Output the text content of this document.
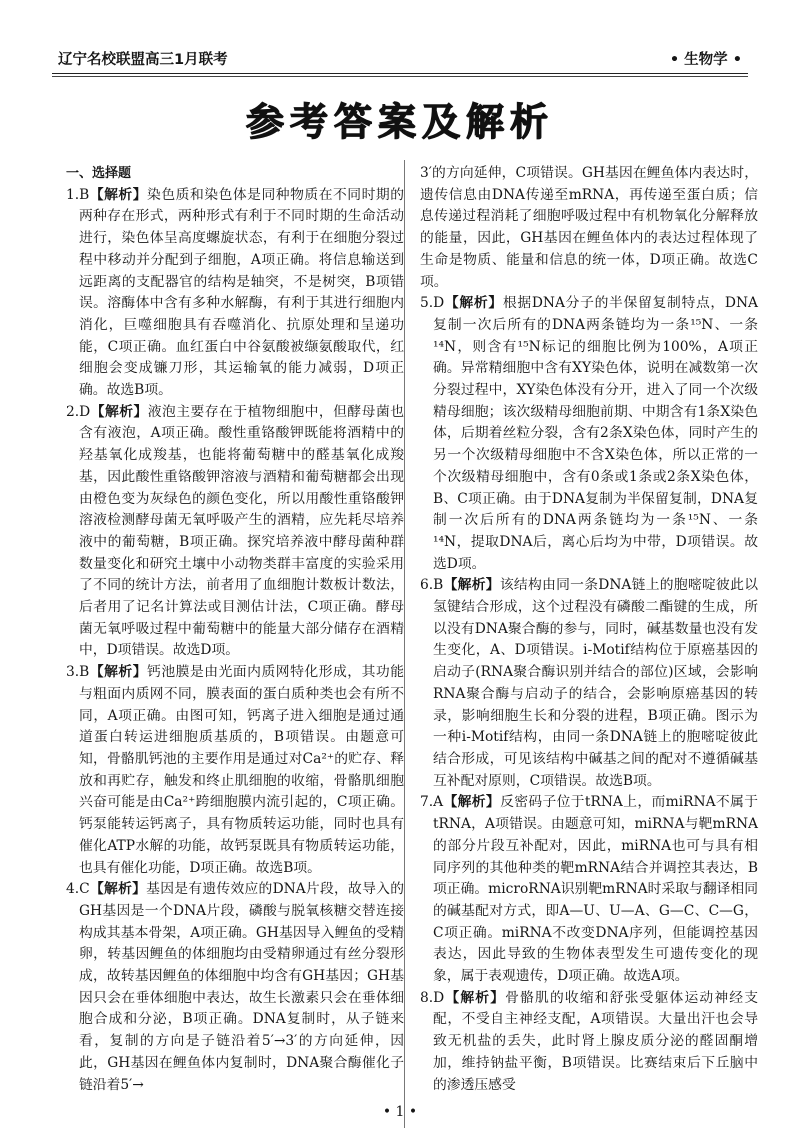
辽宁名校联盟高三1月联考	• 生物学 •
参考答案及解析

一、选择题

1.B【解析】染色质和染色体是同种物质在不同时期的两种存在形式，两种形式有利于不同时期的生命活动进行，染色体呈高度螺旋状态，有利于在细胞分裂过程中移动并分配到子细胞，A项正确。将信息输送到远距离的支配器官的结构是轴突，不是树突，B项错误。溶酶体中含有多种水解酶，有利于其进行细胞内消化，巨噬细胞具有吞噬消化、抗原处理和呈递功能，C项正确。血红蛋白中谷氨酸被缬氨酸取代，红细胞会变成镰刀形，其运输氧的能力减弱，D项正确。故选B项。

2.D【解析】液泡主要存在于植物细胞中，但酵母菌也含有液泡，A项正确。酸性重铬酸钾既能将酒精中的羟基氧化成羧基，也能将葡萄糖中的醛基氧化成羧基，因此酸性重铬酸钾溶液与酒精和葡萄糖都会出现由橙色变为灰绿色的颜色变化，所以用酸性重铬酸钾溶液检测酵母菌无氧呼吸产生的酒精，应先耗尽培养液中的葡萄糖，B项正确。探究培养液中酵母菌种群数量变化和研究土壤中小动物类群丰富度的实验采用了不同的统计方法，前者用了血细胞计数板计数法，后者用了记名计算法或目测估计法，C项正确。酵母菌无氧呼吸过程中葡萄糖中的能量大部分储存在酒精中，D项错误。故选D项。

3.B【解析】钙池膜是由光面内质网特化形成，其功能与粗面内质网不同，膜表面的蛋白质种类也会有所不同，A项正确。由图可知，钙离子进入细胞是通过通道蛋白转运进细胞质基质的，B项错误。由题意可知，骨骼肌钙池的主要作用是通过对Ca²⁺的贮存、释放和再贮存，触发和终止肌细胞的收缩，骨骼肌细胞兴奋可能是由Ca²⁺跨细胞膜内流引起的，C项正确。钙泵能转运钙离子，具有物质转运功能，同时也具有催化ATP水解的功能，故钙泵既具有物质转运功能，也具有催化功能，D项正确。故选B项。

4.C【解析】基因是有遗传效应的DNA片段，故导入的GH基因是一个DNA片段，磷酸与脱氧核糖交替连接构成其基本骨架，A项正确。GH基因导入鲤鱼的受精卵，转基因鲤鱼的体细胞均由受精卵通过有丝分裂形成，故转基因鲤鱼的体细胞中均含有GH基因；GH基因只会在垂体细胞中表达，故生长激素只会在垂体细胞合成和分泌，B项正确。DNA复制时，从子链来看，复制的方向是子链沿着5′→3′的方向延伸，因此，GH基因在鲤鱼体内复制时，DNA聚合酶催化子链沿着5′→

3′的方向延伸，C项错误。GH基因在鲤鱼体内表达时，遗传信息由DNA传递至mRNA，再传递至蛋白质；信息传递过程消耗了细胞呼吸过程中有机物氧化分解释放的能量，因此，GH基因在鲤鱼体内的表达过程体现了生命是物质、能量和信息的统一体，D项正确。故选C项。

5.D【解析】根据DNA分子的半保留复制特点，DNA复制一次后所有的DNA两条链均为一条¹⁵N、一条¹⁴N，则含有¹⁵N标记的细胞比例为100%，A项正确。异常精细胞中含有XY染色体，说明在减数第一次分裂过程中，XY染色体没有分开，进入了同一个次级精母细胞；该次级精母细胞前期、中期含有1条X染色体，后期着丝粒分裂，含有2条X染色体，同时产生的另一个次级精母细胞中不含X染色体，所以正常的一个次级精母细胞中，含有0条或1条或2条X染色体，B、C项正确。由于DNA复制为半保留复制，DNA复制一次后所有的DNA两条链均为一条¹⁵N、一条¹⁴N，提取DNA后，离心后均为中带，D项错误。故选D项。

6.B【解析】该结构由同一条DNA链上的胞嘧啶彼此以氢键结合形成，这个过程没有磷酸二酯键的生成，所以没有DNA聚合酶的参与，同时，碱基数量也没有发生变化，A、D项错误。i-Motif结构位于原癌基因的启动子(RNA聚合酶识别并结合的部位)区域，会影响RNA聚合酶与启动子的结合，会影响原癌基因的转录，影响细胞生长和分裂的进程，B项正确。图示为一种i-Motif结构，由同一条DNA链上的胞嘧啶彼此结合形成，可见该结构中碱基之间的配对不遵循碱基互补配对原则，C项错误。故选B项。

7.A【解析】反密码子位于tRNA上，而miRNA不属于tRNA，A项错误。由题意可知，miRNA与靶mRNA的部分片段互补配对，因此，miRNA也可与具有相同序列的其他种类的靶mRNA结合并调控其表达，B项正确。microRNA识别靶mRNA时采取与翻译相同的碱基配对方式，即A—U、U—A、G—C、C—G，C项正确。miRNA不改变DNA序列，但能调控基因表达，因此导致的生物体表型发生可遗传变化的现象，属于表观遗传，D项正确。故选A项。

8.D【解析】骨骼肌的收缩和舒张受躯体运动神经支配，不受自主神经支配，A项错误。大量出汗也会导致无机盐的丢失，此时肾上腺皮质分泌的醛固酮增加，维持钠盐平衡，B项错误。比赛结束后下丘脑中的渗透压感受

• 1 •
